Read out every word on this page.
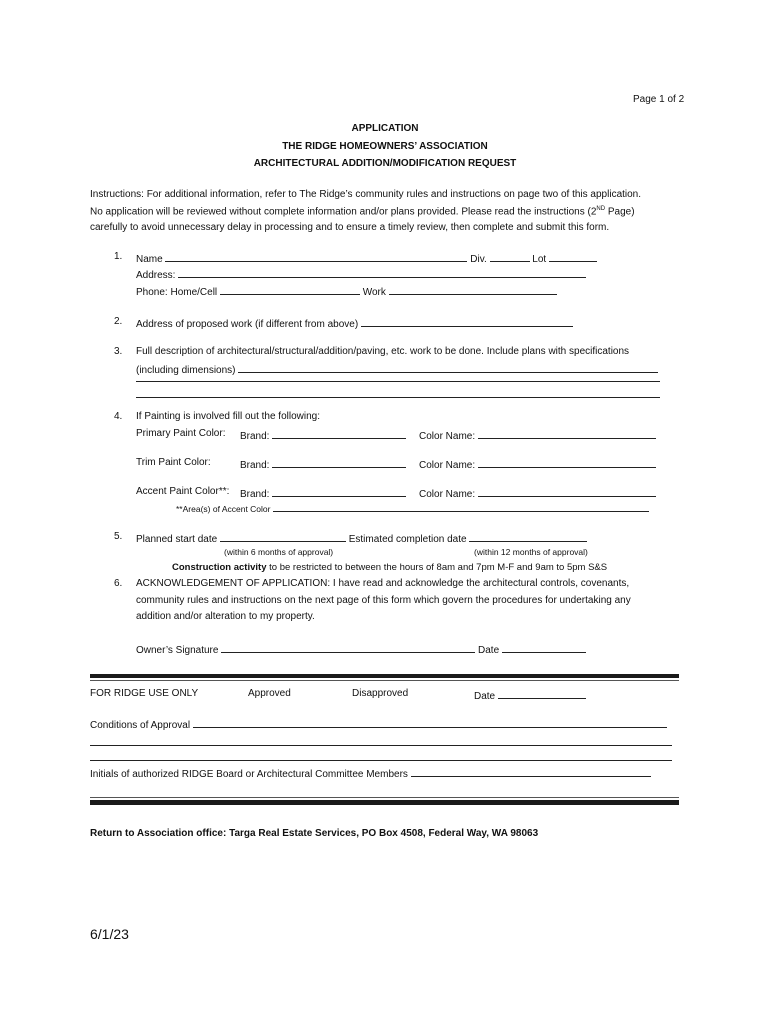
Page 1 of 2
APPLICATION
THE RIDGE HOMEOWNERS’ ASSOCIATION
ARCHITECTURAL ADDITION/MODIFICATION REQUEST
Instructions: For additional information, refer to The Ridge’s community rules and instructions on page two of this application.
No application will be reviewed without complete information and/or plans provided. Please read the instructions (2ND Page)
carefully to avoid unnecessary delay in processing and to ensure a timely review, then complete and submit this form.
1. Name	Div.	Lot
Address:
Phone: Home/Cell	Work
2. Address of proposed work (if different from above)
3. Full description of architectural/structural/addition/paving, etc. work to be done. Include plans with specifications
(including dimensions)
4. If Painting is involved fill out the following:
Primary Paint Color: Brand:	Color Name:
Trim Paint Color:	Brand:	Color Name:
Accent Paint Color**: Brand:	Color Name:
**Area(s) of Accent Color
5. Planned start date	Estimated completion date
(within 6 months of approval)	(within 12 months of approval)
Construction activity to be restricted to between the hours of 8am and 7pm M-F and 9am to 5pm S&S
6. ACKNOWLEDGEMENT OF APPLICATION: I have read and acknowledge the architectural controls, covenants,
community rules and instructions on the next page of this form which govern the procedures for undertaking any
addition and/or alteration to my property.
Owner’s Signature	Date
FOR RIDGE USE ONLY	Approved	Disapproved	Date
Conditions of Approval
Initials of authorized RIDGE Board or Architectural Committee Members
Return to Association office: Targa Real Estate Services, PO Box 4508, Federal Way, WA 98063
6/1/23
